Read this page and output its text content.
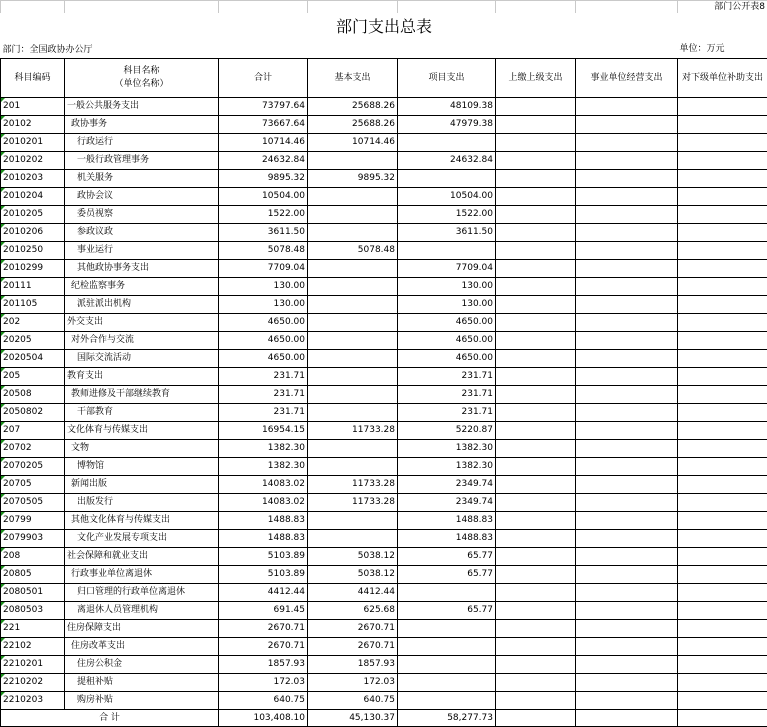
							部门公开表8
部门支出总表							
部门：全国政协办公厅							单位：万元
科目编码	科目名称
（单位名称）	合计	基本支出	项目支出	上缴上级支出	事业单位经营支出	对下级单位补助支出
201	一般公共服务支出	73797.64	25688.26	48109.38			
20102	政协事务	73667.64	25688.26	47979.38			
2010201	行政运行	10714.46	10714.46				
2010202	一般行政管理事务	24632.84		24632.84			
2010203	机关服务	9895.32	9895.32				
2010204	政协会议	10504.00		10504.00			
2010205	委员视察	1522.00		1522.00			
2010206	参政议政	3611.50		3611.50			
2010250	事业运行	5078.48	5078.48				
2010299	其他政协事务支出	7709.04		7709.04			
20111	纪检监察事务	130.00		130.00			
201105	派驻派出机构	130.00		130.00			
202	外交支出	4650.00		4650.00			
20205	对外合作与交流	4650.00		4650.00			
2020504	国际交流活动	4650.00		4650.00			
205	教育支出	231.71		231.71			
20508	教师进修及干部继续教育	231.71		231.71			
2050802	干部教育	231.71		231.71			
207	文化体育与传媒支出	16954.15	11733.28	5220.87			
20702	文物	1382.30		1382.30			
2070205	博物馆	1382.30		1382.30			
20705	新闻出版	14083.02	11733.28	2349.74			
2070505	出版发行	14083.02	11733.28	2349.74			
20799	其他文化体育与传媒支出	1488.83		1488.83			
2079903	文化产业发展专项支出	1488.83		1488.83			
208	社会保障和就业支出	5103.89	5038.12	65.77			
20805	行政事业单位离退休	5103.89	5038.12	65.77			
2080501	归口管理的行政单位离退休	4412.44	4412.44				
2080503	离退休人员管理机构	691.45	625.68	65.77			
221	住房保障支出	2670.71	2670.71				
22102	住房改革支出	2670.71	2670.71				
2210201	住房公积金	1857.93	1857.93				
2210202	提租补贴	172.03	172.03				
2210203	购房补贴	640.75	640.75				
合 计		103,408.10	45,130.37	58,277.73			
